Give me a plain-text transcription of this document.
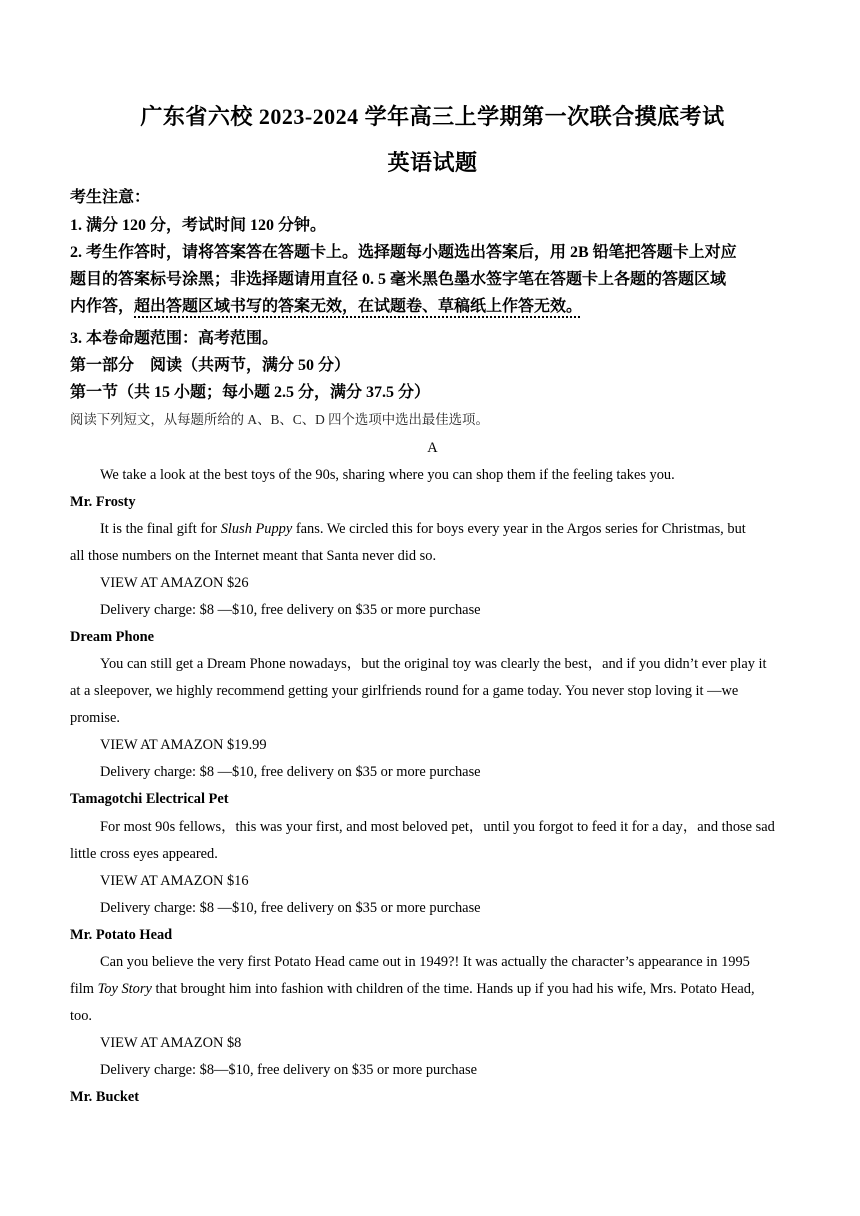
广东省六校 2023-2024 学年高三上学期第一次联合摸底考试
英语试题
考生注意：
1. 满分 120 分，考试时间 120 分钟。
2. 考生作答时，请将答案答在答题卡上。选择题每小题选出答案后，用 2B 铅笔把答题卡上对应
题目的答案标号涂黑；非选择题请用直径 0. 5 毫米黑色墨水签字笔在答题卡上各题的答题区域
内作答，超出答题区域书写的答案无效，在试题卷、草稿纸上作答无效。
3. 本卷命题范围：高考范围。
第一部分　阅读（共两节，满分 50 分）
第一节（共 15 小题；每小题 2.5 分，满分 37.5 分）
阅读下列短文，从每题所给的 A、B、C、D 四个选项中选出最佳选项。
A
We take a look at the best toys of the 90s, sharing where you can shop them if the feeling takes you.
Mr. Frosty
It is the final gift for Slush Puppy fans. We circled this for boys every year in the Argos series for Christmas, but
all those numbers on the Internet meant that Santa never did so.
VIEW AT AMAZON $26
Delivery charge: $8 —$10, free delivery on $35 or more purchase
Dream Phone
You can still get a Dream Phone nowadays，but the original toy was clearly the best，and if you didn’t ever play it
at a sleepover, we highly recommend getting your girlfriends round for a game today. You never stop loving it —we
promise.
VIEW AT AMAZON $19.99
Delivery charge: $8 —$10, free delivery on $35 or more purchase
Tamagotchi Electrical Pet
For most 90s fellows，this was your first, and most beloved pet，until you forgot to feed it for a day，and those sad
little cross eyes appeared.
VIEW AT AMAZON $16
Delivery charge: $8 —$10, free delivery on $35 or more purchase
Mr. Potato Head
Can you believe the very first Potato Head came out in 1949?! It was actually the character’s appearance in 1995
film Toy Story that brought him into fashion with children of the time. Hands up if you had his wife, Mrs. Potato Head,
too.
VIEW AT AMAZON $8
Delivery charge: $8—$10, free delivery on $35 or more purchase
Mr. Bucket
